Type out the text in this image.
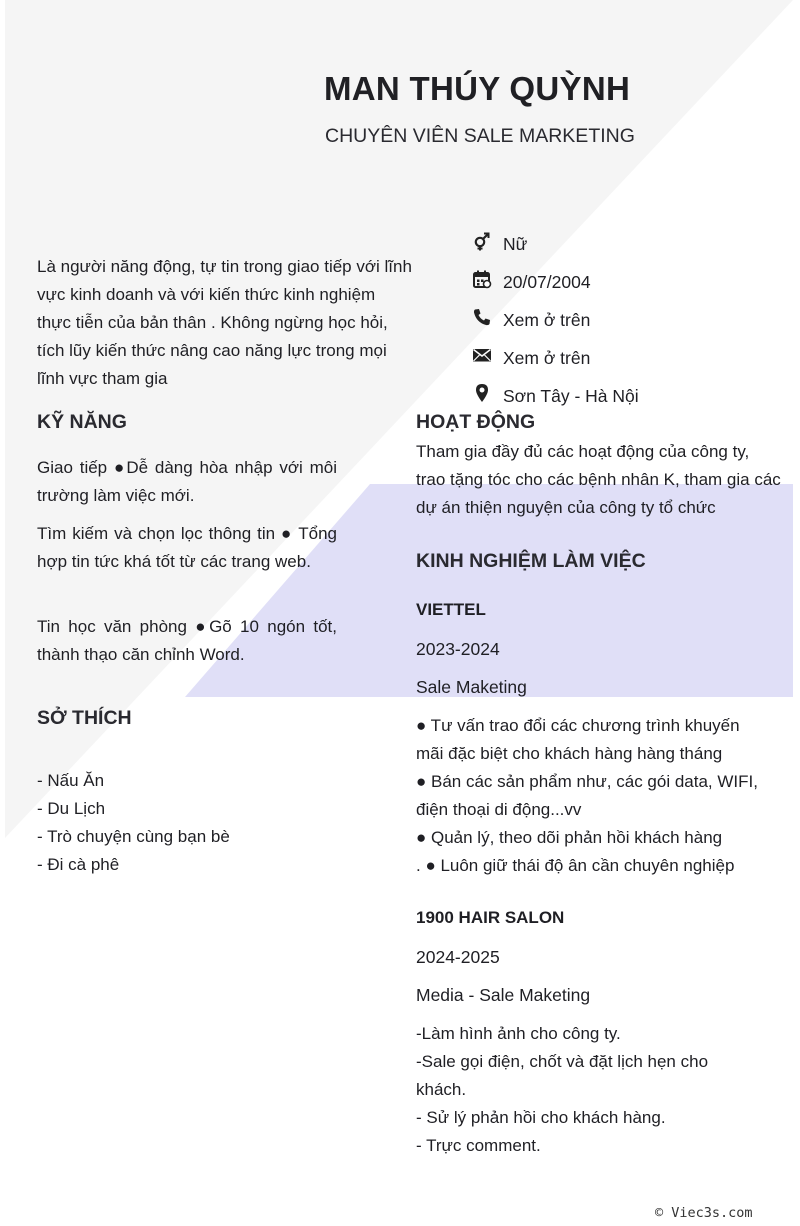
MAN THÚY QUỲNH
CHUYÊN VIÊN SALE MARKETING
Là người năng động, tự tin trong giao tiếp với lĩnh vực kinh doanh và với kiến thức kinh nghiệm thực tiễn của bản thân . Không ngừng học hỏi, tích lũy kiến thức nâng cao năng lực trong mọi lĩnh vực tham gia
Nữ
20/07/2004
Xem ở trên
Xem ở trên
Sơn Tây - Hà Nội
KỸ NĂNG
Giao tiếp ●Dễ dàng hòa nhập với môi trường làm việc mới.
Tìm kiếm và chọn lọc thông tin ● Tổng hợp tin tức khá tốt từ các trang web.
Tin học văn phòng ●Gõ 10 ngón tốt, thành thạo căn chỉnh Word.
SỞ THÍCH
- Nấu Ăn
- Du Lịch
- Trò chuyện cùng bạn bè
- Đi cà phê
HOẠT ĐỘNG
Tham gia đầy đủ các hoạt động của công ty, trao tặng tóc cho các bệnh nhân K, tham gia các dự án thiện nguyện của công ty tổ chức
KINH NGHIỆM LÀM VIỆC
VIETTEL
2023-2024
Sale Maketing
● Tư vấn trao đổi các chương trình khuyến
mãi đặc biệt cho khách hàng hàng tháng
● Bán các sản phẩm như, các gói data, WIFI,
điện thoại di động...vv
● Quản lý, theo dõi phản hồi khách hàng
. ● Luôn giữ thái độ ân cần chuyên nghiệp
1900 HAIR SALON
2024-2025
Media - Sale Maketing
-Làm hình ảnh cho công ty.
-Sale gọi điện, chốt và đặt lịch hẹn cho
khách.
- Sử lý phản hồi cho khách hàng.
- Trực comment.
© Viec3s.com
